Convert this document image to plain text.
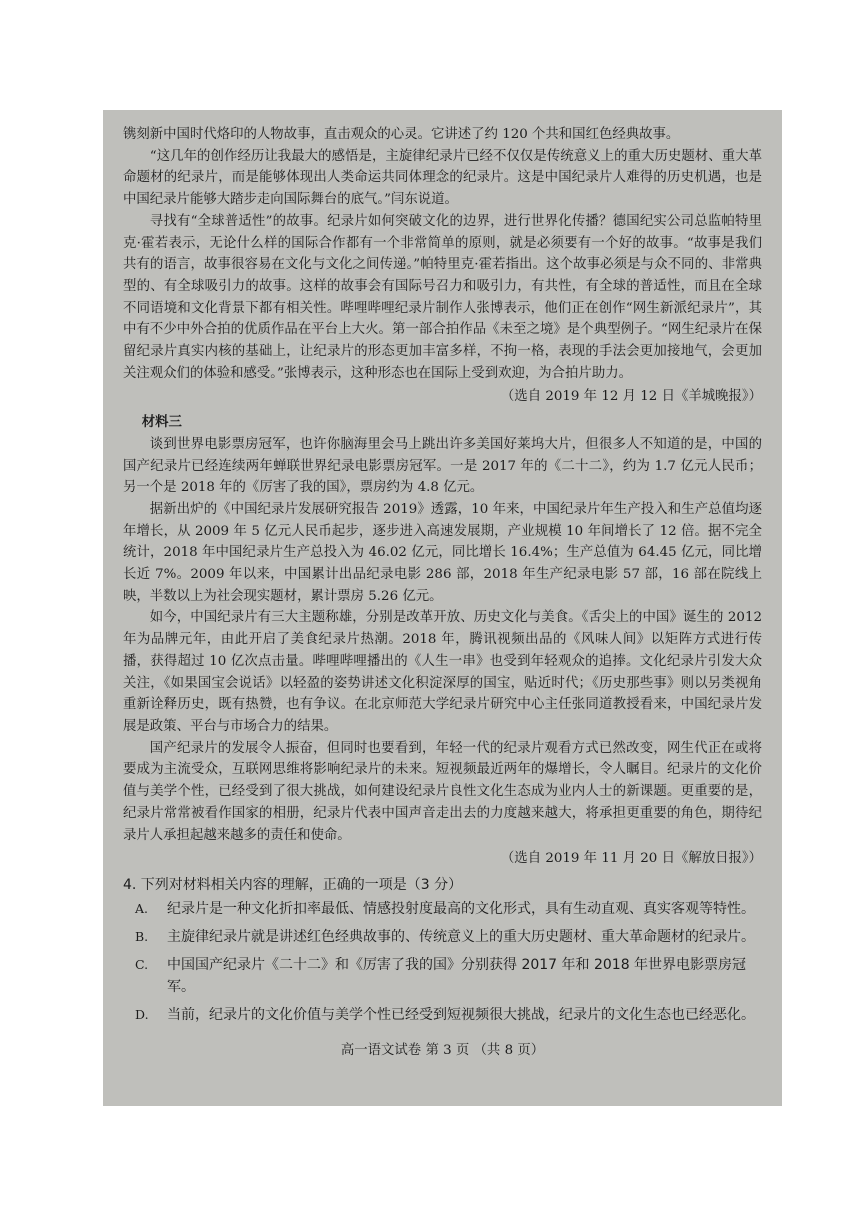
镌刻新中国时代烙印的人物故事，直击观众的心灵。它讲述了约 120 个共和国红色经典故事。

“这几年的创作经历让我最大的感悟是，主旋律纪录片已经不仅仅是传统意义上的重大历史题材、重大革命题材的纪录片，而是能够体现出人类命运共同体理念的纪录片。这是中国纪录片人难得的历史机遇，也是中国纪录片能够大踏步走向国际舞台的底气。”闫东说道。

寻找有“全球普适性”的故事。纪录片如何突破文化的边界，进行世界化传播？德国纪实公司总监帕特里克·霍若表示，无论什么样的国际合作都有一个非常简单的原则，就是必须要有一个好的故事。“故事是我们共有的语言，故事很容易在文化与文化之间传递。”帕特里克·霍若指出。这个故事必须是与众不同的、非常典型的、有全球吸引力的故事。这样的故事会有国际号召力和吸引力，有共性，有全球的普适性，而且在全球不同语境和文化背景下都有相关性。哔哩哔哩纪录片制作人张博表示，他们正在创作“网生新派纪录片”，其中有不少中外合拍的优质作品在平台上大火。第一部合拍作品《未至之境》是个典型例子。“网生纪录片在保留纪录片真实内核的基础上，让纪录片的形态更加丰富多样，不拘一格，表现的手法会更加接地气，会更加关注观众们的体验和感受。”张博表示，这种形态也在国际上受到欢迎，为合拍片助力。

（选自 2019 年 12 月 12 日《羊城晚报》）
材料三

谈到世界电影票房冠军，也许你脑海里会马上跳出许多美国好莱坞大片，但很多人不知道的是，中国的国产纪录片已经连续两年蝉联世界纪录电影票房冠军。一是 2017 年的《二十二》，约为 1.7 亿元人民币；另一个是 2018 年的《厉害了我的国》，票房约为 4.8 亿元。

据新出炉的《中国纪录片发展研究报告 2019》透露，10 年来，中国纪录片年生产投入和生产总值均逐年增长，从 2009 年 5 亿元人民币起步，逐步进入高速发展期，产业规模 10 年间增长了 12 倍。据不完全统计，2018 年中国纪录片生产总投入为 46.02 亿元，同比增长 16.4%；生产总值为 64.45 亿元，同比增长近 7%。2009 年以来，中国累计出品纪录电影 286 部，2018 年生产纪录电影 57 部，16 部在院线上映，半数以上为社会现实题材，累计票房 5.26 亿元。

如今，中国纪录片有三大主题称雄，分别是改革开放、历史文化与美食。《舌尖上的中国》诞生的 2012 年为品牌元年，由此开启了美食纪录片热潮。2018 年，腾讯视频出品的《风味人间》以矩阵方式进行传播，获得超过 10 亿次点击量。哔哩哔哩播出的《人生一串》也受到年轻观众的追捧。文化纪录片引发大众关注，《如果国宝会说话》以轻盈的姿势讲述文化积淀深厚的国宝，贴近时代；《历史那些事》则以另类视角重新诠释历史，既有热赞，也有争议。在北京师范大学纪录片研究中心主任张同道教授看来，中国纪录片发展是政策、平台与市场合力的结果。

国产纪录片的发展令人振奋，但同时也要看到，年轻一代的纪录片观看方式已然改变，网生代正在或将要成为主流受众，互联网思维将影响纪录片的未来。短视频最近两年的爆增长，令人瞩目。纪录片的文化价值与美学个性，已经受到了很大挑战，如何建设纪录片良性文化生态成为业内人士的新课题。更重要的是，纪录片常常被看作国家的相册，纪录片代表中国声音走出去的力度越来越大，将承担更重要的角色，期待纪录片人承担起越来越多的责任和使命。

（选自 2019 年 11 月 20 日《解放日报》）

4. 下列对材料相关内容的理解，正确的一项是（3 分）

A.	纪录片是一种文化折扣率最低、情感投射度最高的文化形式，具有生动直观、真实客观等特性。
B.	主旋律纪录片就是讲述红色经典故事的、传统意义上的重大历史题材、重大革命题材的纪录片。
C.	中国国产纪录片《二十二》和《厉害了我的国》分别获得 2017 年和 2018 年世界电影票房冠军。
D.	当前，纪录片的文化价值与美学个性已经受到短视频很大挑战，纪录片的文化生态也已经恶化。
高一语文试卷 第 3 页 （共 8 页）
